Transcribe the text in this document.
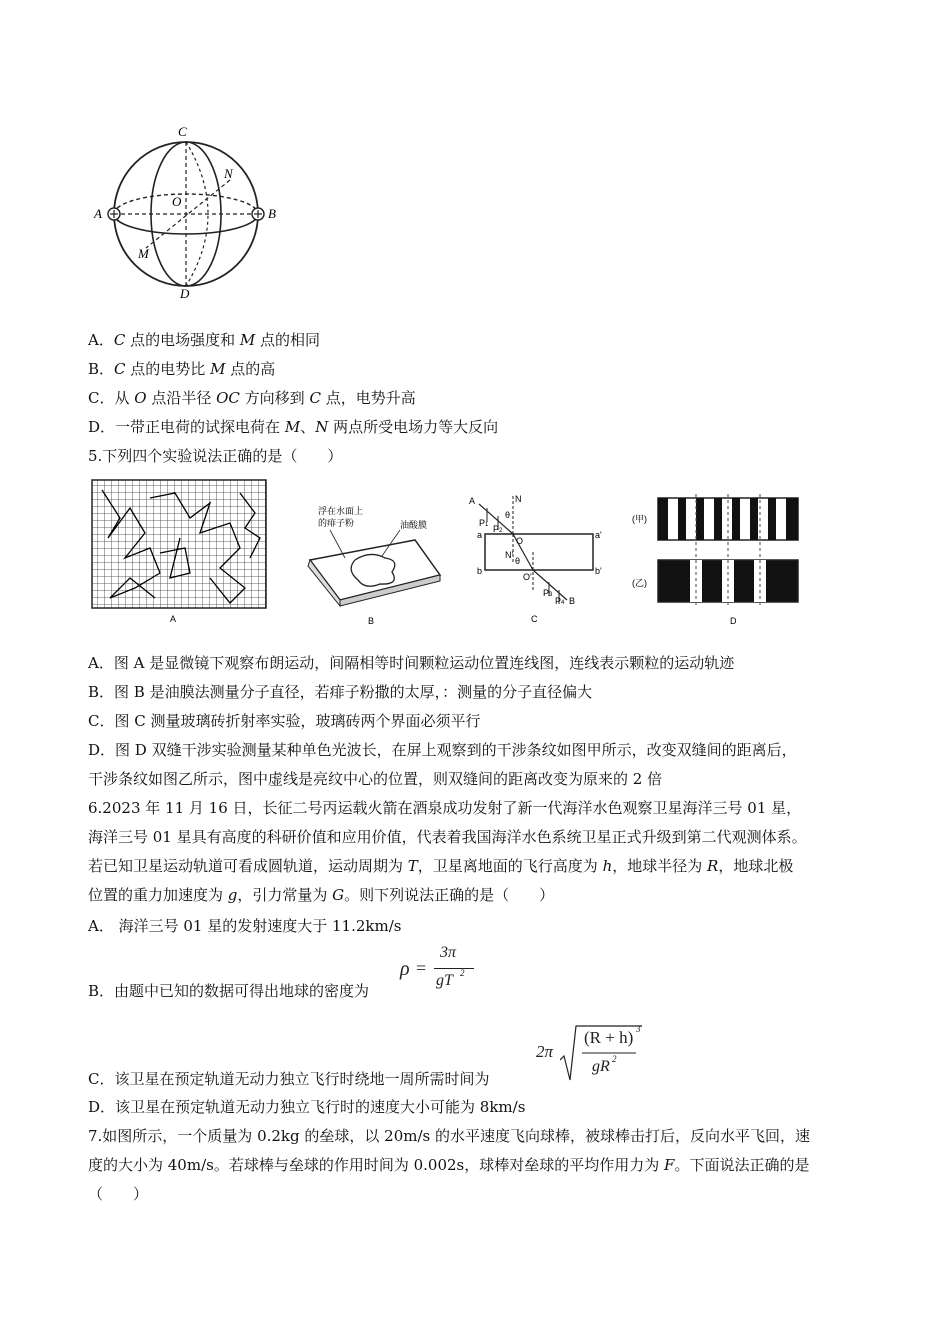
C
N
O
A	B
M
D
A．C 点的电场强度和 M 点的相同
B．C 点的电势比 M 点的高
C．从 O 点沿半径 OC 方向移到 C 点，电势升高
D．一带正电荷的试探电荷在 M、N 两点所受电场力等大反向
5.下列四个实验说法正确的是（　　）
A
浮在水面上
的痱子粉	油酸膜
B
A	N
P1 P2
θ
O
a	a'
N'
θ
b	b'
O'
P3
P4 B
C
(甲)
(乙)
D
A．图 A 是显微镜下观察布朗运动，间隔相等时间颗粒运动位置连线图，连线表示颗粒的运动轨迹
B．图 B 是油膜法测量分子直径，若痱子粉撒的太厚，：测量的分子直径偏大
C．图 C 测量玻璃砖折射率实验，玻璃砖两个界面必须平行
D．图 D 双缝干涉实验测量某种单色光波长，在屏上观察到的干涉条纹如图甲所示，改变双缝间的距离后，
干涉条纹如图乙所示，图中虚线是亮纹中心的位置，则双缝间的距离改变为原来的 2 倍
6.2023 年 11 月 16 日，长征二号丙运载火箭在酒泉成功发射了新一代海洋水色观察卫星海洋三号 01 星，
海洋三号 01 星具有高度的科研价值和应用价值，代表着我国海洋水色系统卫星正式升级到第二代观测体系。
若已知卫星运动轨道可看成圆轨道，运动周期为 T，卫星离地面的飞行高度为 h，地球半径为 R，地球北极
位置的重力加速度为 g，引力常量为 G。则下列说法正确的是（　　）
A． 海洋三号 01 星的发射速度大于 11.2km/s
B．由题中已知的数据可得出地球的密度为
ρ =
3π
gT 2
C．该卫星在预定轨道无动力独立飞行时绕地一周所需时间为
2π
(R + h) 3
gR 2
D．该卫星在预定轨道无动力独立飞行时的速度大小可能为 8km/s
7.如图所示，一个质量为 0.2kg 的垒球，以 20m/s 的水平速度飞向球棒，被球棒击打后，反向水平飞回，速
度的大小为 40m/s。若球棒与垒球的作用时间为 0.002s，球棒对垒球的平均作用力为 F。下面说法正确的是
（　　）
